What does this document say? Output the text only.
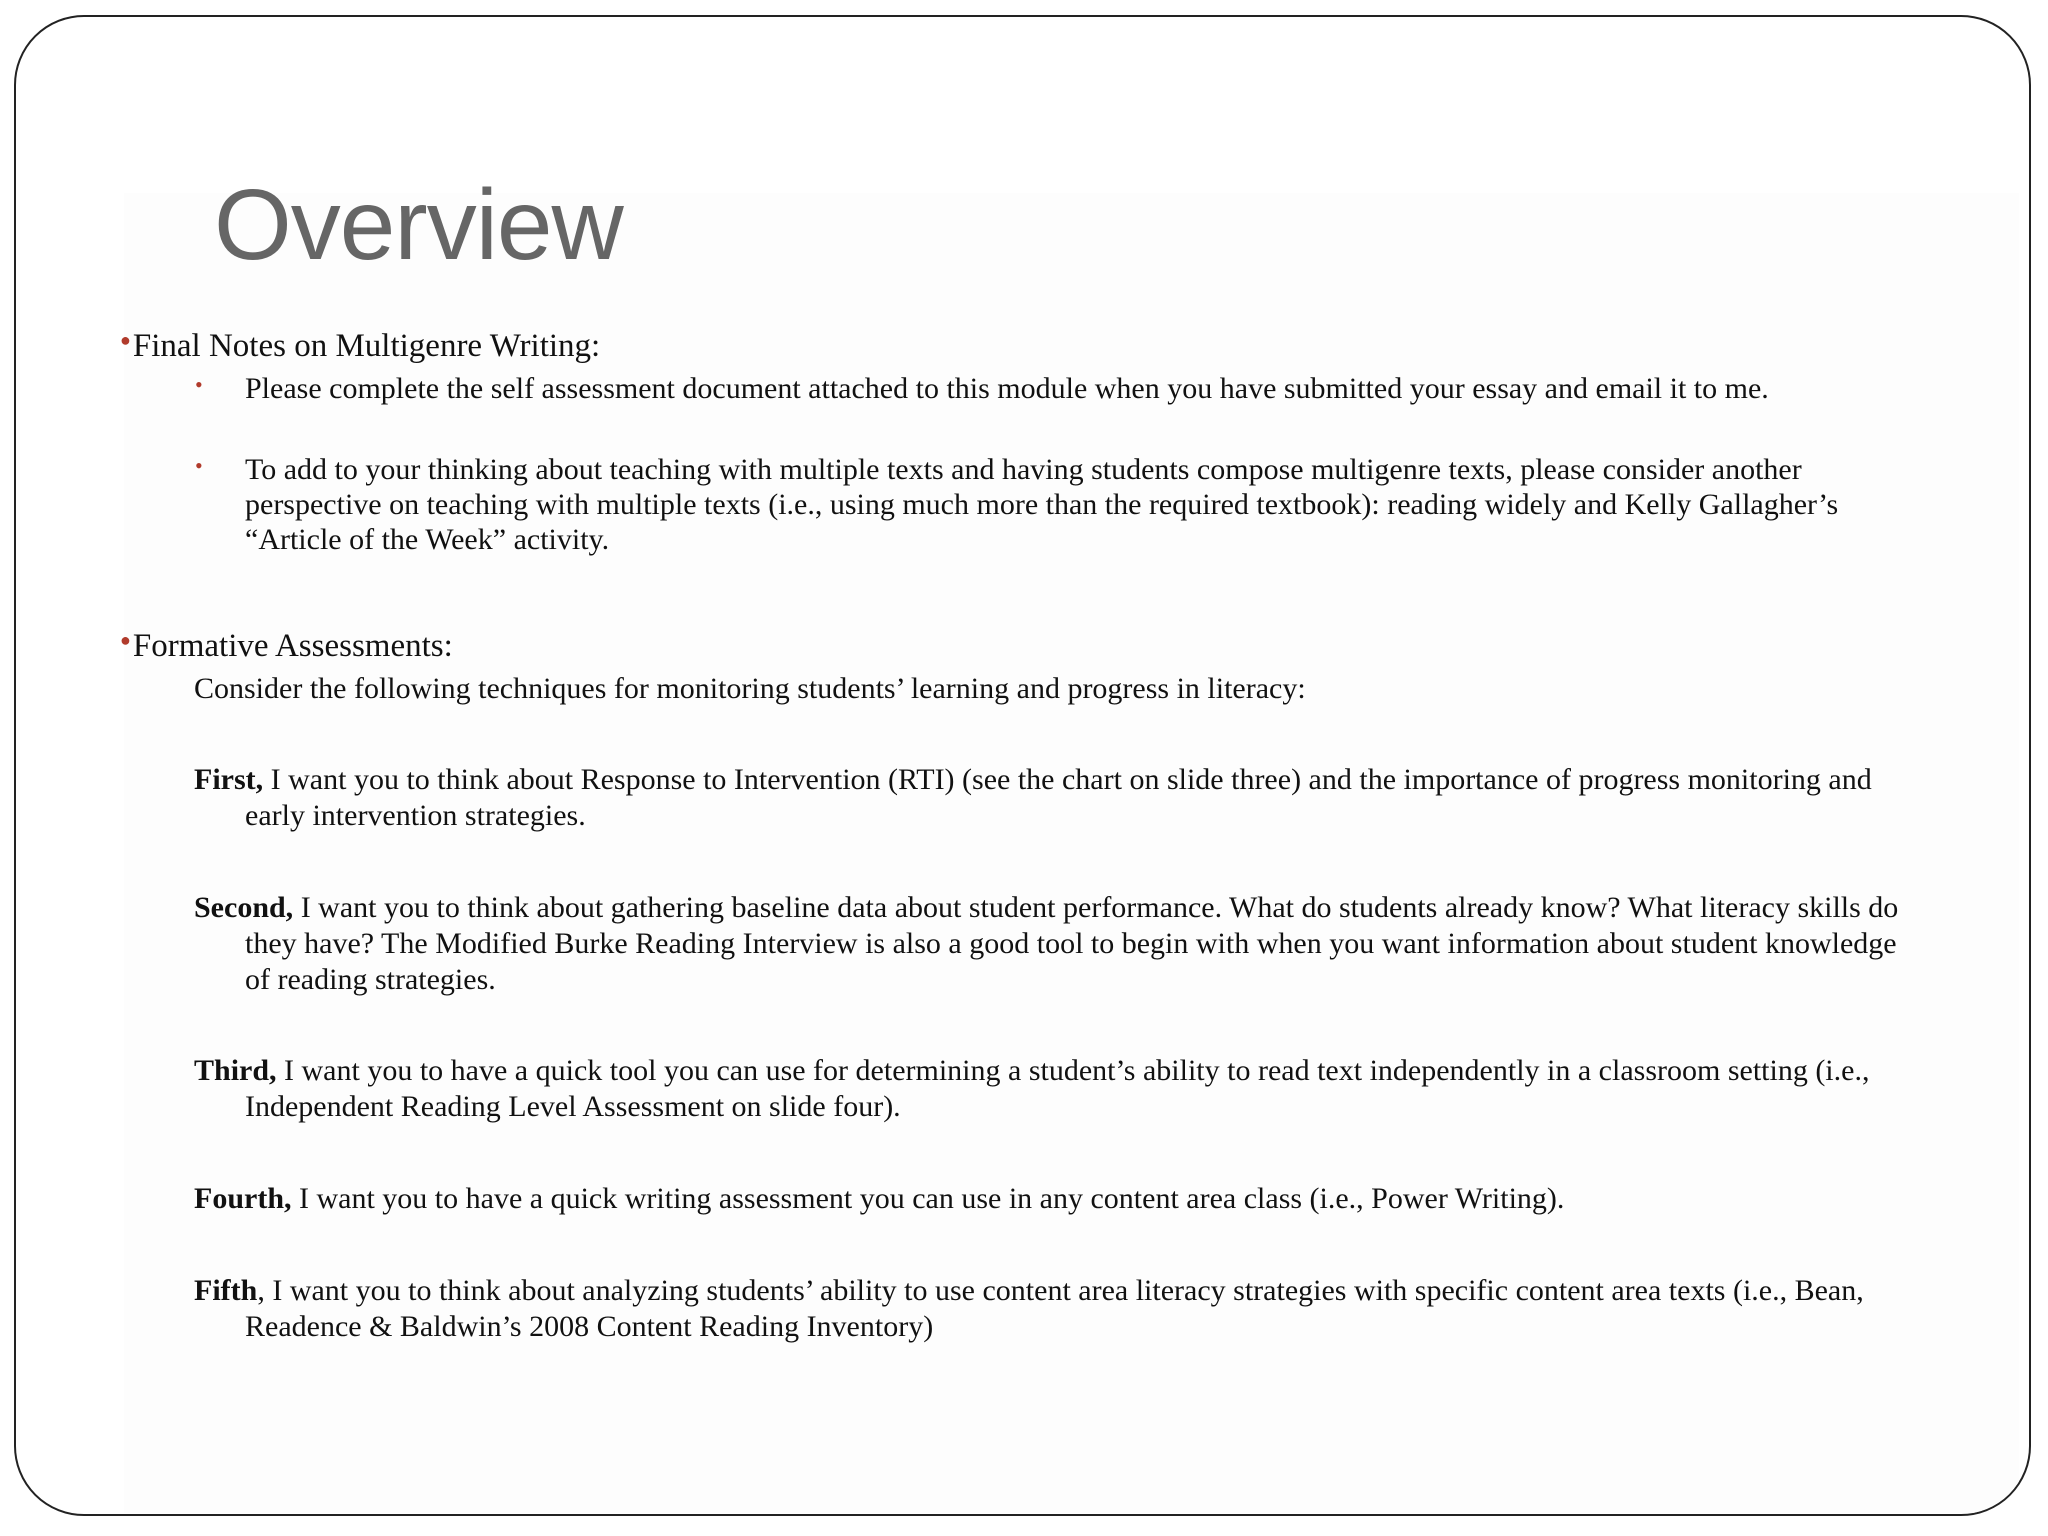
Overview
●Final Notes on Multigenre Writing:
• Please complete the self assessment document attached to this module when you have submitted your essay and email it to me.
• To add to your thinking about teaching with multiple texts and having students compose multigenre texts, please consider another perspective on teaching with multiple texts (i.e., using much more than the required textbook): reading widely and Kelly Gallagher’s “Article of the Week” activity.
●Formative Assessments:
Consider the following techniques for monitoring students’ learning and progress in literacy:
First, I want you to think about Response to Intervention (RTI) (see the chart on slide three) and the importance of progress monitoring and early intervention strategies.
Second, I want you to think about gathering baseline data about student performance. What do students already know? What literacy skills do they have? The Modified Burke Reading Interview is also a good tool to begin with when you want information about student knowledge of reading strategies.
Third, I want you to have a quick tool you can use for determining a student’s ability to read text independently in a classroom setting (i.e., Independent Reading Level Assessment on slide four).
Fourth, I want you to have a quick writing assessment you can use in any content area class (i.e., Power Writing).
Fifth, I want you to think about analyzing students’ ability to use content area literacy strategies with specific content area texts (i.e., Bean, Readence & Baldwin’s 2008 Content Reading Inventory)
